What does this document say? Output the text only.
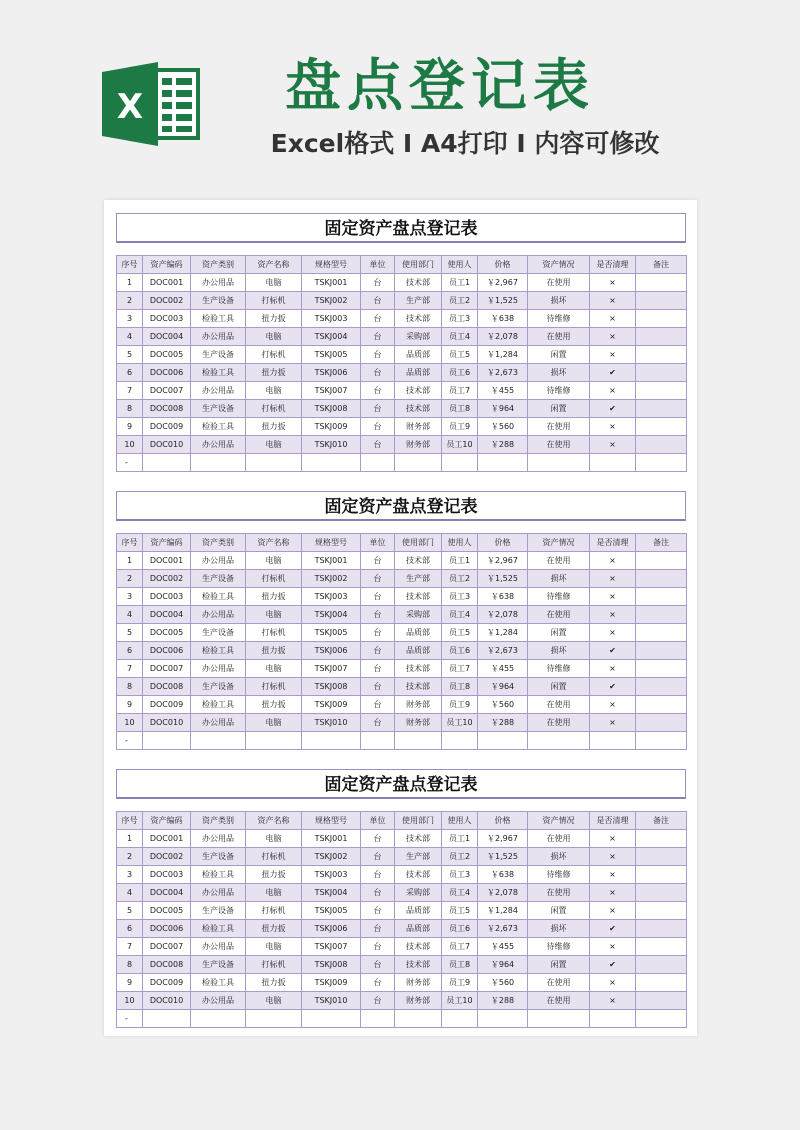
X	盘点登记表
Excel格式 I A4打印 I 内容可修改
固定资产盘点登记表
序号	资产编码	资产类别	资产名称	规格型号	单位	使用部门	使用人	价格	资产情况	是否清理	备注
1	DOC001	办公用品	电脑	TSKJ001	台	技术部	员工1	￥2,967	在使用	×	
2	DOC002	生产设备	打标机	TSKJ002	台	生产部	员工2	￥1,525	损坏	×	
3	DOC003	检验工具	扭力扳	TSKJ003	台	技术部	员工3	￥638	待维修	×	
4	DOC004	办公用品	电脑	TSKJ004	台	采购部	员工4	￥2,078	在使用	×	
5	DOC005	生产设备	打标机	TSKJ005	台	品质部	员工5	￥1,284	闲置	×	
6	DOC006	检验工具	扭力扳	TSKJ006	台	品质部	员工6	￥2,673	损坏	✔	
7	DOC007	办公用品	电脑	TSKJ007	台	技术部	员工7	￥455	待维修	×	
8	DOC008	生产设备	打标机	TSKJ008	台	技术部	员工8	￥964	闲置	✔	
9	DOC009	检验工具	扭力扳	TSKJ009	台	财务部	员工9	￥560	在使用	×	
10	DOC010	办公用品	电脑	TSKJ010	台	财务部	员工10	￥288	在使用	×	
-											
固定资产盘点登记表
序号	资产编码	资产类别	资产名称	规格型号	单位	使用部门	使用人	价格	资产情况	是否清理	备注
1	DOC001	办公用品	电脑	TSKJ001	台	技术部	员工1	￥2,967	在使用	×	
2	DOC002	生产设备	打标机	TSKJ002	台	生产部	员工2	￥1,525	损坏	×	
3	DOC003	检验工具	扭力扳	TSKJ003	台	技术部	员工3	￥638	待维修	×	
4	DOC004	办公用品	电脑	TSKJ004	台	采购部	员工4	￥2,078	在使用	×	
5	DOC005	生产设备	打标机	TSKJ005	台	品质部	员工5	￥1,284	闲置	×	
6	DOC006	检验工具	扭力扳	TSKJ006	台	品质部	员工6	￥2,673	损坏	✔	
7	DOC007	办公用品	电脑	TSKJ007	台	技术部	员工7	￥455	待维修	×	
8	DOC008	生产设备	打标机	TSKJ008	台	技术部	员工8	￥964	闲置	✔	
9	DOC009	检验工具	扭力扳	TSKJ009	台	财务部	员工9	￥560	在使用	×	
10	DOC010	办公用品	电脑	TSKJ010	台	财务部	员工10	￥288	在使用	×	
-											
固定资产盘点登记表
序号	资产编码	资产类别	资产名称	规格型号	单位	使用部门	使用人	价格	资产情况	是否清理	备注
1	DOC001	办公用品	电脑	TSKJ001	台	技术部	员工1	￥2,967	在使用	×	
2	DOC002	生产设备	打标机	TSKJ002	台	生产部	员工2	￥1,525	损坏	×	
3	DOC003	检验工具	扭力扳	TSKJ003	台	技术部	员工3	￥638	待维修	×	
4	DOC004	办公用品	电脑	TSKJ004	台	采购部	员工4	￥2,078	在使用	×	
5	DOC005	生产设备	打标机	TSKJ005	台	品质部	员工5	￥1,284	闲置	×	
6	DOC006	检验工具	扭力扳	TSKJ006	台	品质部	员工6	￥2,673	损坏	✔	
7	DOC007	办公用品	电脑	TSKJ007	台	技术部	员工7	￥455	待维修	×	
8	DOC008	生产设备	打标机	TSKJ008	台	技术部	员工8	￥964	闲置	✔	
9	DOC009	检验工具	扭力扳	TSKJ009	台	财务部	员工9	￥560	在使用	×	
10	DOC010	办公用品	电脑	TSKJ010	台	财务部	员工10	￥288	在使用	×	
-											
